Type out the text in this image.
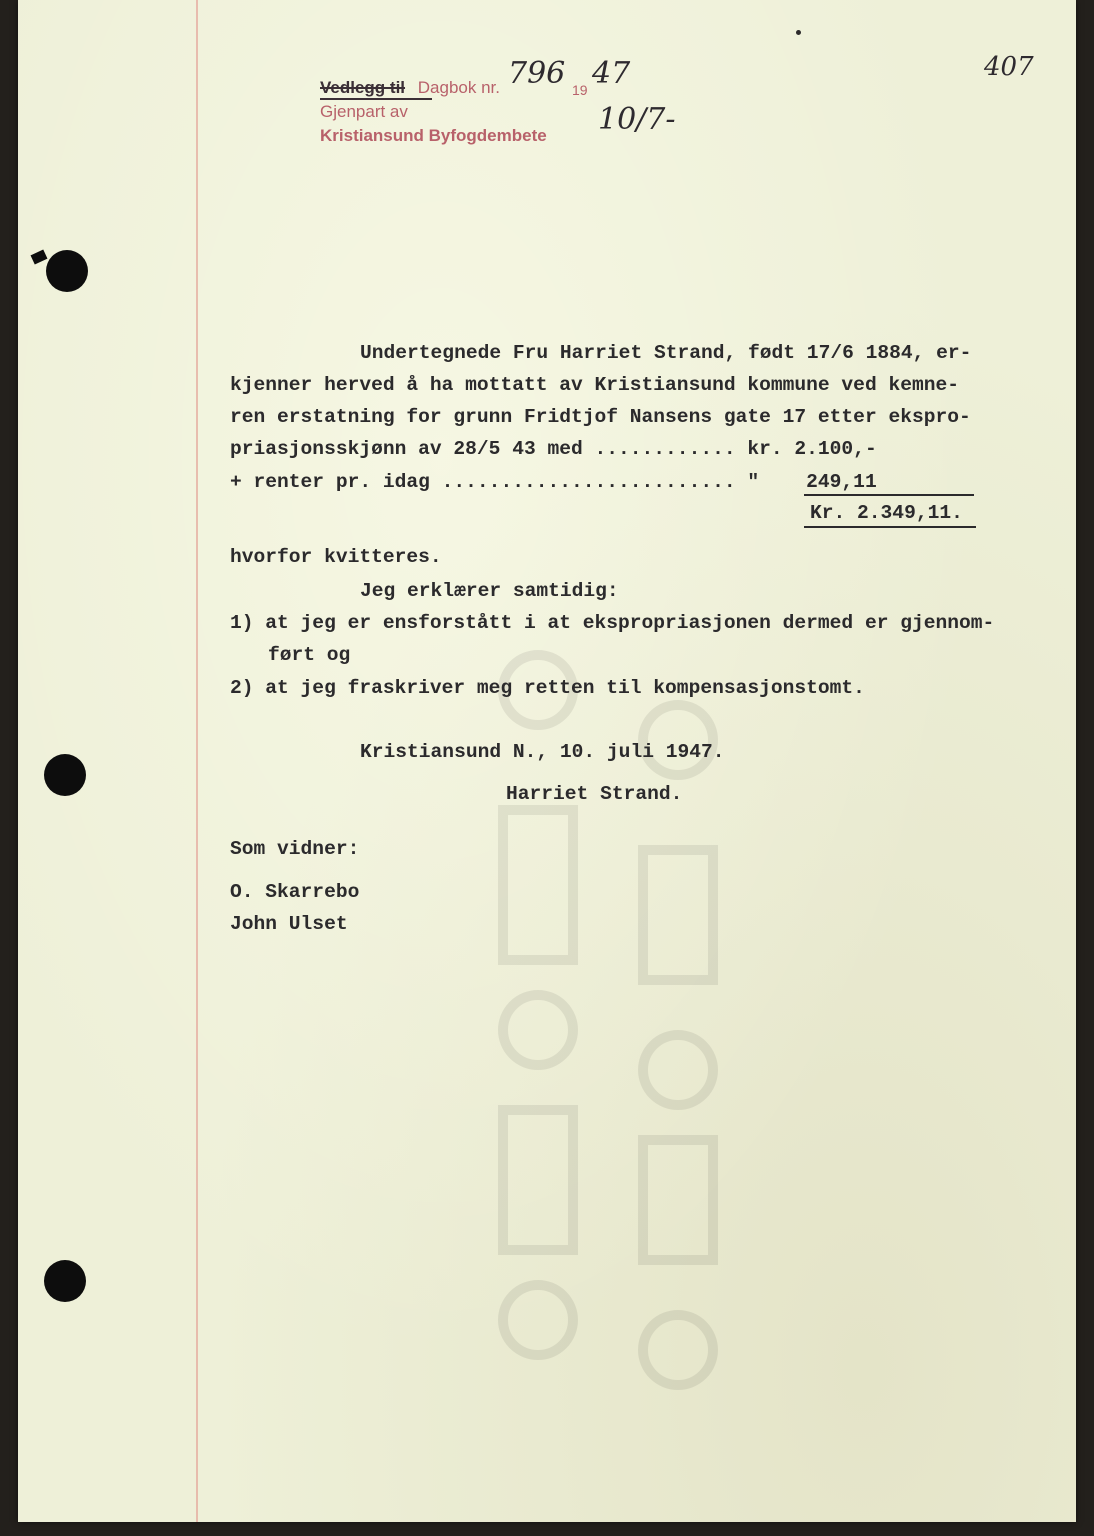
Vedlegg til Dagbok nr. 796 19 47
Gjenpart av
Kristiansund Byfogdembete 10/7-
407
Undertegnede Fru Harriet Strand, født 17/6 1884, er-
kjenner herved å ha mottatt av Kristiansund kommune ved kemne-
ren erstatning for grunn Fridtjof Nansens gate 17 etter ekspro-
priasjonsskjønn av 28/5 43 med ............ kr. 2.100,-
+ renter pr. idag ......................... "    249,11
Kr. 2.349,11.
hvorfor kvitteres.
Jeg erklærer samtidig:
1) at jeg er ensforstått i at ekspropriasjonen dermed er gjennom-
ført og
2) at jeg fraskriver meg retten til kompensasjonstomt.
Kristiansund N., 10. juli 1947.
Harriet Strand.
Som vidner:
O. Skarrebo
John Ulset
